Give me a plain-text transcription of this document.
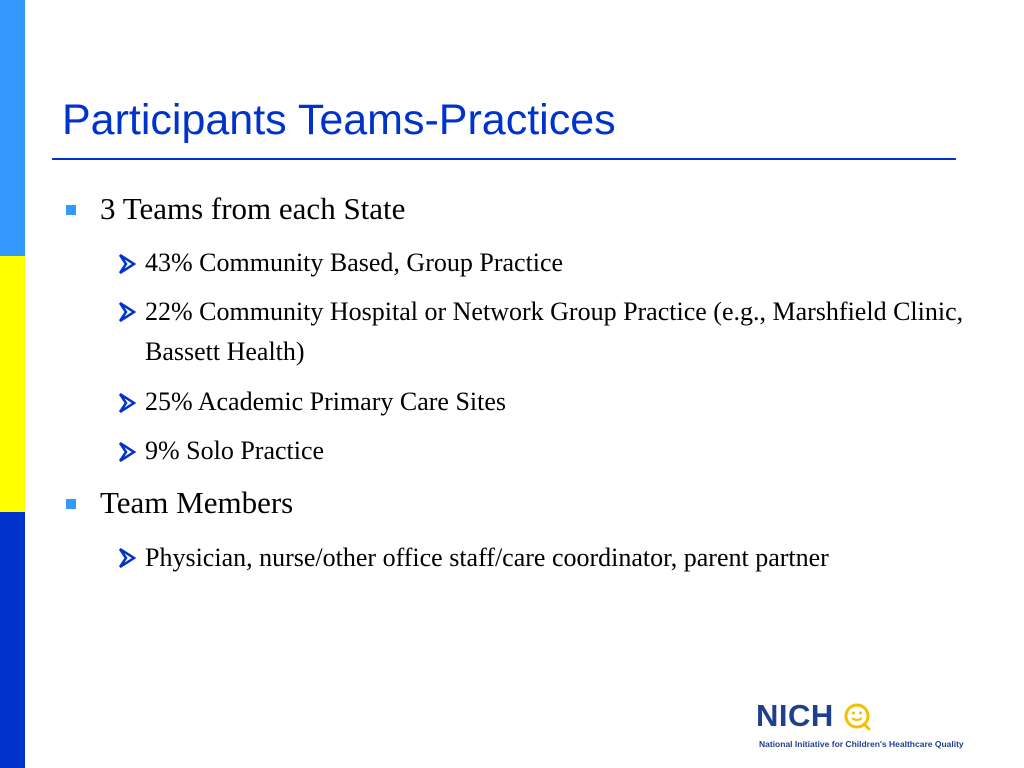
Participants Teams-Practices
3 Teams from each State
43% Community Based, Group Practice
22% Community Hospital or Network Group Practice (e.g., Marshfield Clinic, Bassett Health)
25% Academic Primary Care Sites
9% Solo Practice
Team Members
Physician, nurse/other office staff/care coordinator, parent partner
NICH
National Initiative for Children's Healthcare Quality
